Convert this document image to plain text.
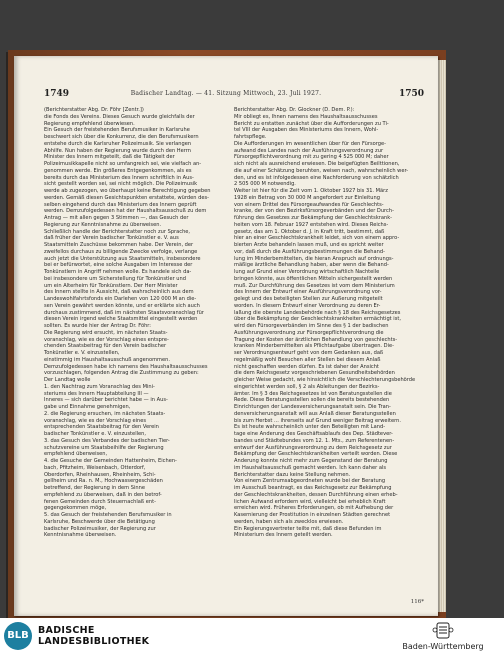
1749	Badischer Landtag. — 41. Sitzung Mittwoch, 23. Juli 1927.	1750
(Berichterstatter Abg. Dr. Föhr [Zentr.])
die Fonds des Vereins. Dieses Gesuch wurde gleichfalls der
Regierung empfehlend überwiesen.
Ein Gesuch der freistehenden Berufsmusiker in Karlsruhe
beschwert sich über die Konkurrenz, die den Berufsmusikern
entstehe durch die Karlsruher Polizeimusik. Sie verlangen
Abhilfe. Nun haben der Regierung wurde durch den Herrn
Minister des Innern mitgeteilt, daß die Tätigkeit der
Polizeimusikkapelle nicht so umfangreich sei, wie vielfach an-
genommen werde. Ein größeres Entgegenkommen, als es
bereits durch das Ministerium des Innern schriftlich in Aus-
sicht gestellt worden sei, sei nicht möglich. Die Polizeimusik
werde ab zugezogen, wo überhaupt keine Berechtigung gegeben
werden. Gemäß diesen Gesichtspunkten erstattete, würden des-
selben eingehend durch das Ministerium des Innern geprüft
werden. Demzufolgedessen hat der Haushaltsausschuß zu dem
Antrag — mit allen gegen 3 Stimmen —, das Gesuch der
Regierung zur Kenntnisnahme zu überweisen.
Schließlich handle der Berichterstatter noch zur Sprache,
daß früher der Verein badischer Tonkünstler e. V. aus
Staatsmitteln Zuschüsse bekommen habe. Der Verein, der
zweifellos durchaus zu billigende Zwecke verfolge, verlange
auch jetzt die Unterstützung aus Staatsmitteln, insbesondere
bei er befürwortet, eine solche Ausgaben im Interesse der
Tonkünstlern in Angriff nehmen wolle. Es handele sich da-
bei insbesondere um Sicherstellung für Tonkünstler und
um ein Alterheim für Tonkünstlern. Der Herr Minister
des Innern stellte in Aussicht, daß wahrscheinlich aus dem
Landeswohlfahrtsfonds ein Darlehen von 120 000 M an die-
sen Verein gewährt werden könnte, und er erklärte sich auch
durchaus zustimmend, daß im nächsten Staatsvoranschlag für
diesen Verein irgend welche Staatsmittel eingestellt werden
sollten. Es wurde hier der Antrag Dr. Föhr:
Die Regierung wird ersucht, im nächsten Staats-
voranschlag, wie es der Vorschlag eines entspre-
chenden Staatsbeitrag für den Verein badischer
Tonkünstler e. V. einzustellen,
einstimmig im Haushaltsausschuß angenommen.
Demzufolgedessen habe ich namens des Haushaltsausschusses
vorzuschlagen, folgenden Antrag die Zustimmung zu geben:
Der Landtag wolle
1. den Nachtrag zum Voranschlag des Mini-
steriums des Innern Hauptabteilung III —
Inneres — sich darüber berichtet habe — in Aus-
gabe und Einnahme genehmigen,
2. die Regierung ersuchen, im nächsten Staats-
voranschlag, wie es der Vorschlag eines
entsprechenden Staatsbeitrag für den Verein
badischer Tonkünstler e. V. einzustellen,
3. das Gesuch des Verbandes der badischen Tier-
schutzvereine um Staatsbeihilfe der Regierung
empfehlend überweisen,
4. die Gesuche der Gemeinden Hattenheim, Eichen-
bach, Pfitzheim, Weisenbach, Otterdorf,
Oberdorfen, Rheinhausen, Rheinheim, Schi-
gellheim und Ra. n. M., Hochwassergeschäden
betreffend, der Regierung in dem Sinne
empfehlend zu überweisen, daß in den betrof-
fenen Gemeinden durch Steuernachlaß ent-
gegengekommen möge,
5. das Gesuch der freistehenden Berufsmusiker in
Karlsruhe, Beschwerde über die Betätigung
badischer Polizeimusiker, der Regierung zur
Kenntnisnahme überweisen.
Berichterstatter Abg. Dr. Glockner (D. Dem. P.):
Mir obliegt es, Ihnen namens des Haushaltsausschusses
Bericht zu erstatten zunächst über die Aufforderungen zu Ti-
tel VIII der Ausgaben des Ministeriums des Innern, Wohl-
fahrtspflege.
Die Aufforderungen im wesentlichen über für den Fürsorge-
aufwand des Landes nach der Ausführungsverordnung zur
Fürsorgepflichtverordnung mit zu gering 4 525 000 M; daher
sich nicht als ausreichend erwiesen. Die beigefügten Beilttionen,
die auf einer Schätzung beruhten, weisen nach, wahrscheinlich wer-
den, und es ist infolgedessen eine Nachforderung von schätzlich
2 505 000 M notwendig.
Weiter ist hier für die Zeit vom 1. Oktober 1927 bis 31. März
1928 ein Betrag von 30 000 M angefordert zur Einleitung
von einem Drittel des Fürsorgeaufwandes für Geschlechts-
kranke, der von den Bezirksfürsorgeverbänden und der Durch-
führung des Gesetzes zur Bekämpfung der Geschlechtskrank-
heiten vom 18. Februar 1927 entstehen wird. Dieses Reichs-
gesetz, das am 1. Oktober d. J. in Kraft tritt, bestimmt, daß
hier an einer Geschlechtskrankheit leidet, sich von einem appro-
bierten Arzte behandeln lassen muß, und es spricht weiter
vor, daß durch die Ausführungsbestimmungen die Behand-
lung im Minderbemittelten, die hieran Anspruch auf ordnungs-
mäßige ärztliche Behandlung haben, aber wenn die Behand-
lung auf Grund einer Verordnung wirtschaftlich Nachteile
bringen könnte, aus öffentlichen Mitteln sichergestellt werden
muß. Zur Durchführung des Gesetzes ist vom dem Ministerium
des Innern der Entwurf einer Ausführungsverordnung vor-
gelegt und des beteiligten Stellen zur Äußerung mitgeteilt
worden. In diesem Entwurf einer Verordnung zu deren Er-
laßung die oberste Landesbehörde nach § 18 des Reichsgesetzes
über die Bekämpfung der Geschlechtskrankheiten ermächtigt ist,
wird den Fürsorgeverbänden im Sinne des § 1 der badischen
Ausführungsverordnung zur Fürsorgepflichtverordnung die
Tragung der Kosten der ärztlichen Behandlung von geschlechts-
kranken Minderbemittelten als Pflichtaufgabe übertragen. Die-
ser Verordnungsentwurf geht von dem Gedanken aus, daß
regelmäßig wohl Besuchen aller Stellen bei diesem Anlaß
nicht geschaffen werden dürfen. Es ist daher der Ansicht
die dem Reichsgesetz vorgeschriebenen Gesundheitsbehörden
gleicher Weise gedacht, wie hinsichtlich die Verschlechterungsbehörde
eingerichtet werden soll, § 2 als Ableitungen der Bezirks-
ämter. Im § 3 des Reichsgesetzes ist von Beratungsstellen die
Rede. Diese Beratungsstellen sollen die bereits bestehenden
Einrichtungen der Landesversicherungsanstalt sein. Die Tran-
denversicherungsanstalt will aus Anlaß dieser Beratungsstellen
bis zum Herbst ... ihrerseits auf Grund weniger Beitrag erweitern.
Es ist heute wahrscheinlich unter den Beteiligten mit Land-
tage eine Änderung des Geschäftsablaufs des Dep. Städtever-
bandes und Städtebundes vom 12. 1. Mts., zum Referentenen-
entwurf der Ausführungsverordnung zu dem Reichsgesetz zur
Bekämpfung der Geschlechtskrankheiten verteilt worden. Diese
Änderung konnte nicht mehr zum Gegenstand der Beratung
im Haushaltsausschuß gemacht werden. Ich kann daher als
Berichterstatter dazu keine Stellung nehmen.
Von einem Zentrumsabgeordneten wurde bei der Beratung
im Ausschuß beantragt, es das Reichsgesetz zur Bekämpfung
der Geschlechtskrankheiten, dessen Durchführung einen erheb-
lichen Aufwand erfordern wird, vielleicht bei erheblich Kraft
erreichen wird. Früheres Erforderungen, ob mit Aufhebung der
Kasernierung der Prostitution in einzelnen Städten gerechnet
werden, haben sich als zwecklos erwiesen.
Ein Regierungsvertreter teilte mit, daß diese Befunden im
Ministerium des Innern geteilt werden.
116*
BLB BADISCHE
LANDESBIBLIOTHEK	Baden-Württemberg
